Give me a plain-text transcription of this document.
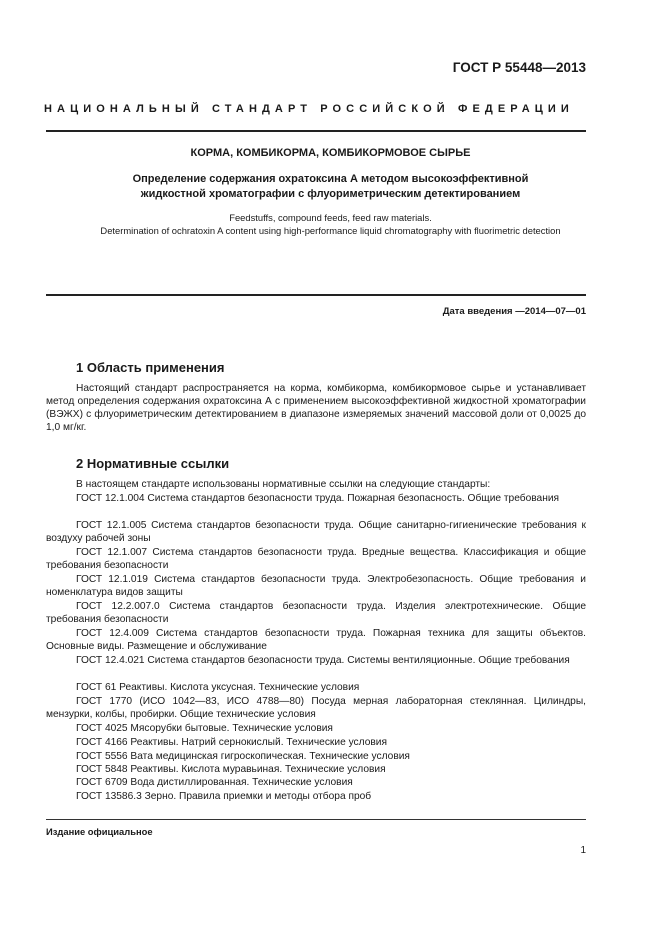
ГОСТ Р 55448—2013
НАЦИОНАЛЬНЫЙ СТАНДАРТ РОССИЙСКОЙ ФЕДЕРАЦИИ
КОРМА, КОМБИКОРМА, КОМБИКОРМОВОЕ СЫРЬЕ
Определение содержания охратоксина А методом высокоэффективной
жидкостной хроматографии с флуориметрическим детектированием
Feedstuffs, compound feeds, feed raw materials.
Determination of ochratoxin A content using high-performance liquid chromatography with fluorimetric detection
Дата введения —2014—07—01
1 Область применения
Настоящий стандарт распространяется на корма, комбикорма, комбикормовое сырье и устанавливает метод определения содержания охратоксина А с применением высокоэффективной жидкостной хроматографии (ВЭЖХ) с флуориметрическим детектированием в диапазоне измеряемых значений массовой доли от 0,0025 до 1,0 мг/кг.
2 Нормативные ссылки
В настоящем стандарте использованы нормативные ссылки на следующие стандарты:
ГОСТ 12.1.004 Система стандартов безопасности труда. Пожарная безопасность. Общие требования
ГОСТ 12.1.005 Система стандартов безопасности труда. Общие санитарно-гигиенические требования к воздуху рабочей зоны
ГОСТ 12.1.007 Система стандартов безопасности труда. Вредные вещества. Классификация и общие требования безопасности
ГОСТ 12.1.019 Система стандартов безопасности труда. Электробезопасность. Общие требования и номенклатура видов защиты
ГОСТ 12.2.007.0 Система стандартов безопасности труда. Изделия электротехнические. Общие требования безопасности
ГОСТ 12.4.009 Система стандартов безопасности труда. Пожарная техника для защиты объектов. Основные виды. Размещение и обслуживание
ГОСТ 12.4.021 Система стандартов безопасности труда. Системы вентиляционные. Общие требования
ГОСТ 61 Реактивы. Кислота уксусная. Технические условия
ГОСТ 1770 (ИСО 1042—83, ИСО 4788—80) Посуда мерная лабораторная стеклянная. Цилиндры, мензурки, колбы, пробирки. Общие технические условия
ГОСТ 4025 Мясорубки бытовые. Технические условия
ГОСТ 4166 Реактивы. Натрий сернокислый. Технические условия
ГОСТ 5556 Вата медицинская гигроскопическая. Технические условия
ГОСТ 5848 Реактивы. Кислота муравьиная. Технические условия
ГОСТ 6709 Вода дистиллированная. Технические условия
ГОСТ 13586.3 Зерно. Правила приемки и методы отбора проб
Издание официальное
1
